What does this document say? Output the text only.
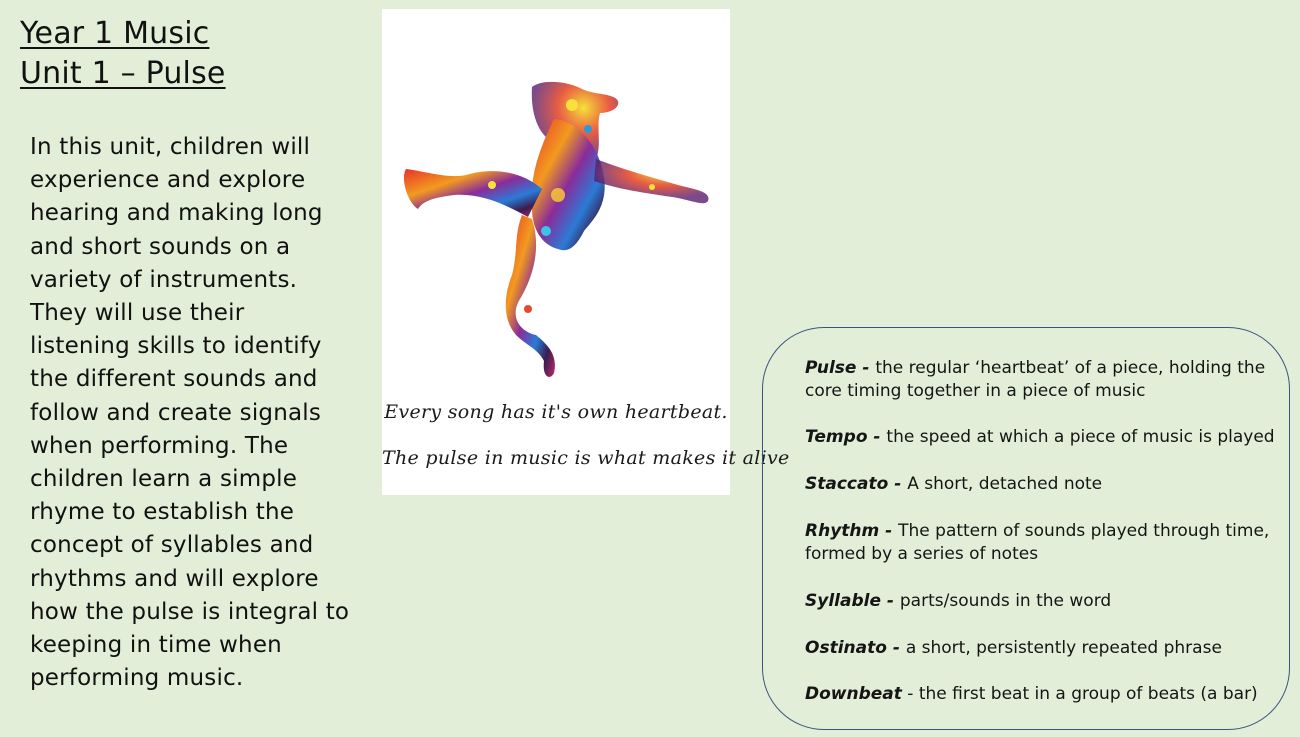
Year 1 Music
Unit 1 – Pulse
In this unit, children will experience and explore hearing and making long and short sounds on a variety of instruments. They will use their listening skills to identify the different sounds and follow and create signals when performing. The children learn a simple rhyme to establish the concept of syllables and rhythms and will explore how the pulse is integral to keeping in time when performing music.
Every song has it's own heartbeat.
The pulse in music is what makes it alive
Pulse - the regular ‘heartbeat’ of a piece, holding the core timing together in a piece of music
Tempo - the speed at which a piece of music is played
Staccato - A short, detached note
Rhythm - The pattern of sounds played through time, formed by a series of notes
Syllable - parts/sounds in the word
Ostinato - a short, persistently repeated phrase
Downbeat - the first beat in a group of beats (a bar)
